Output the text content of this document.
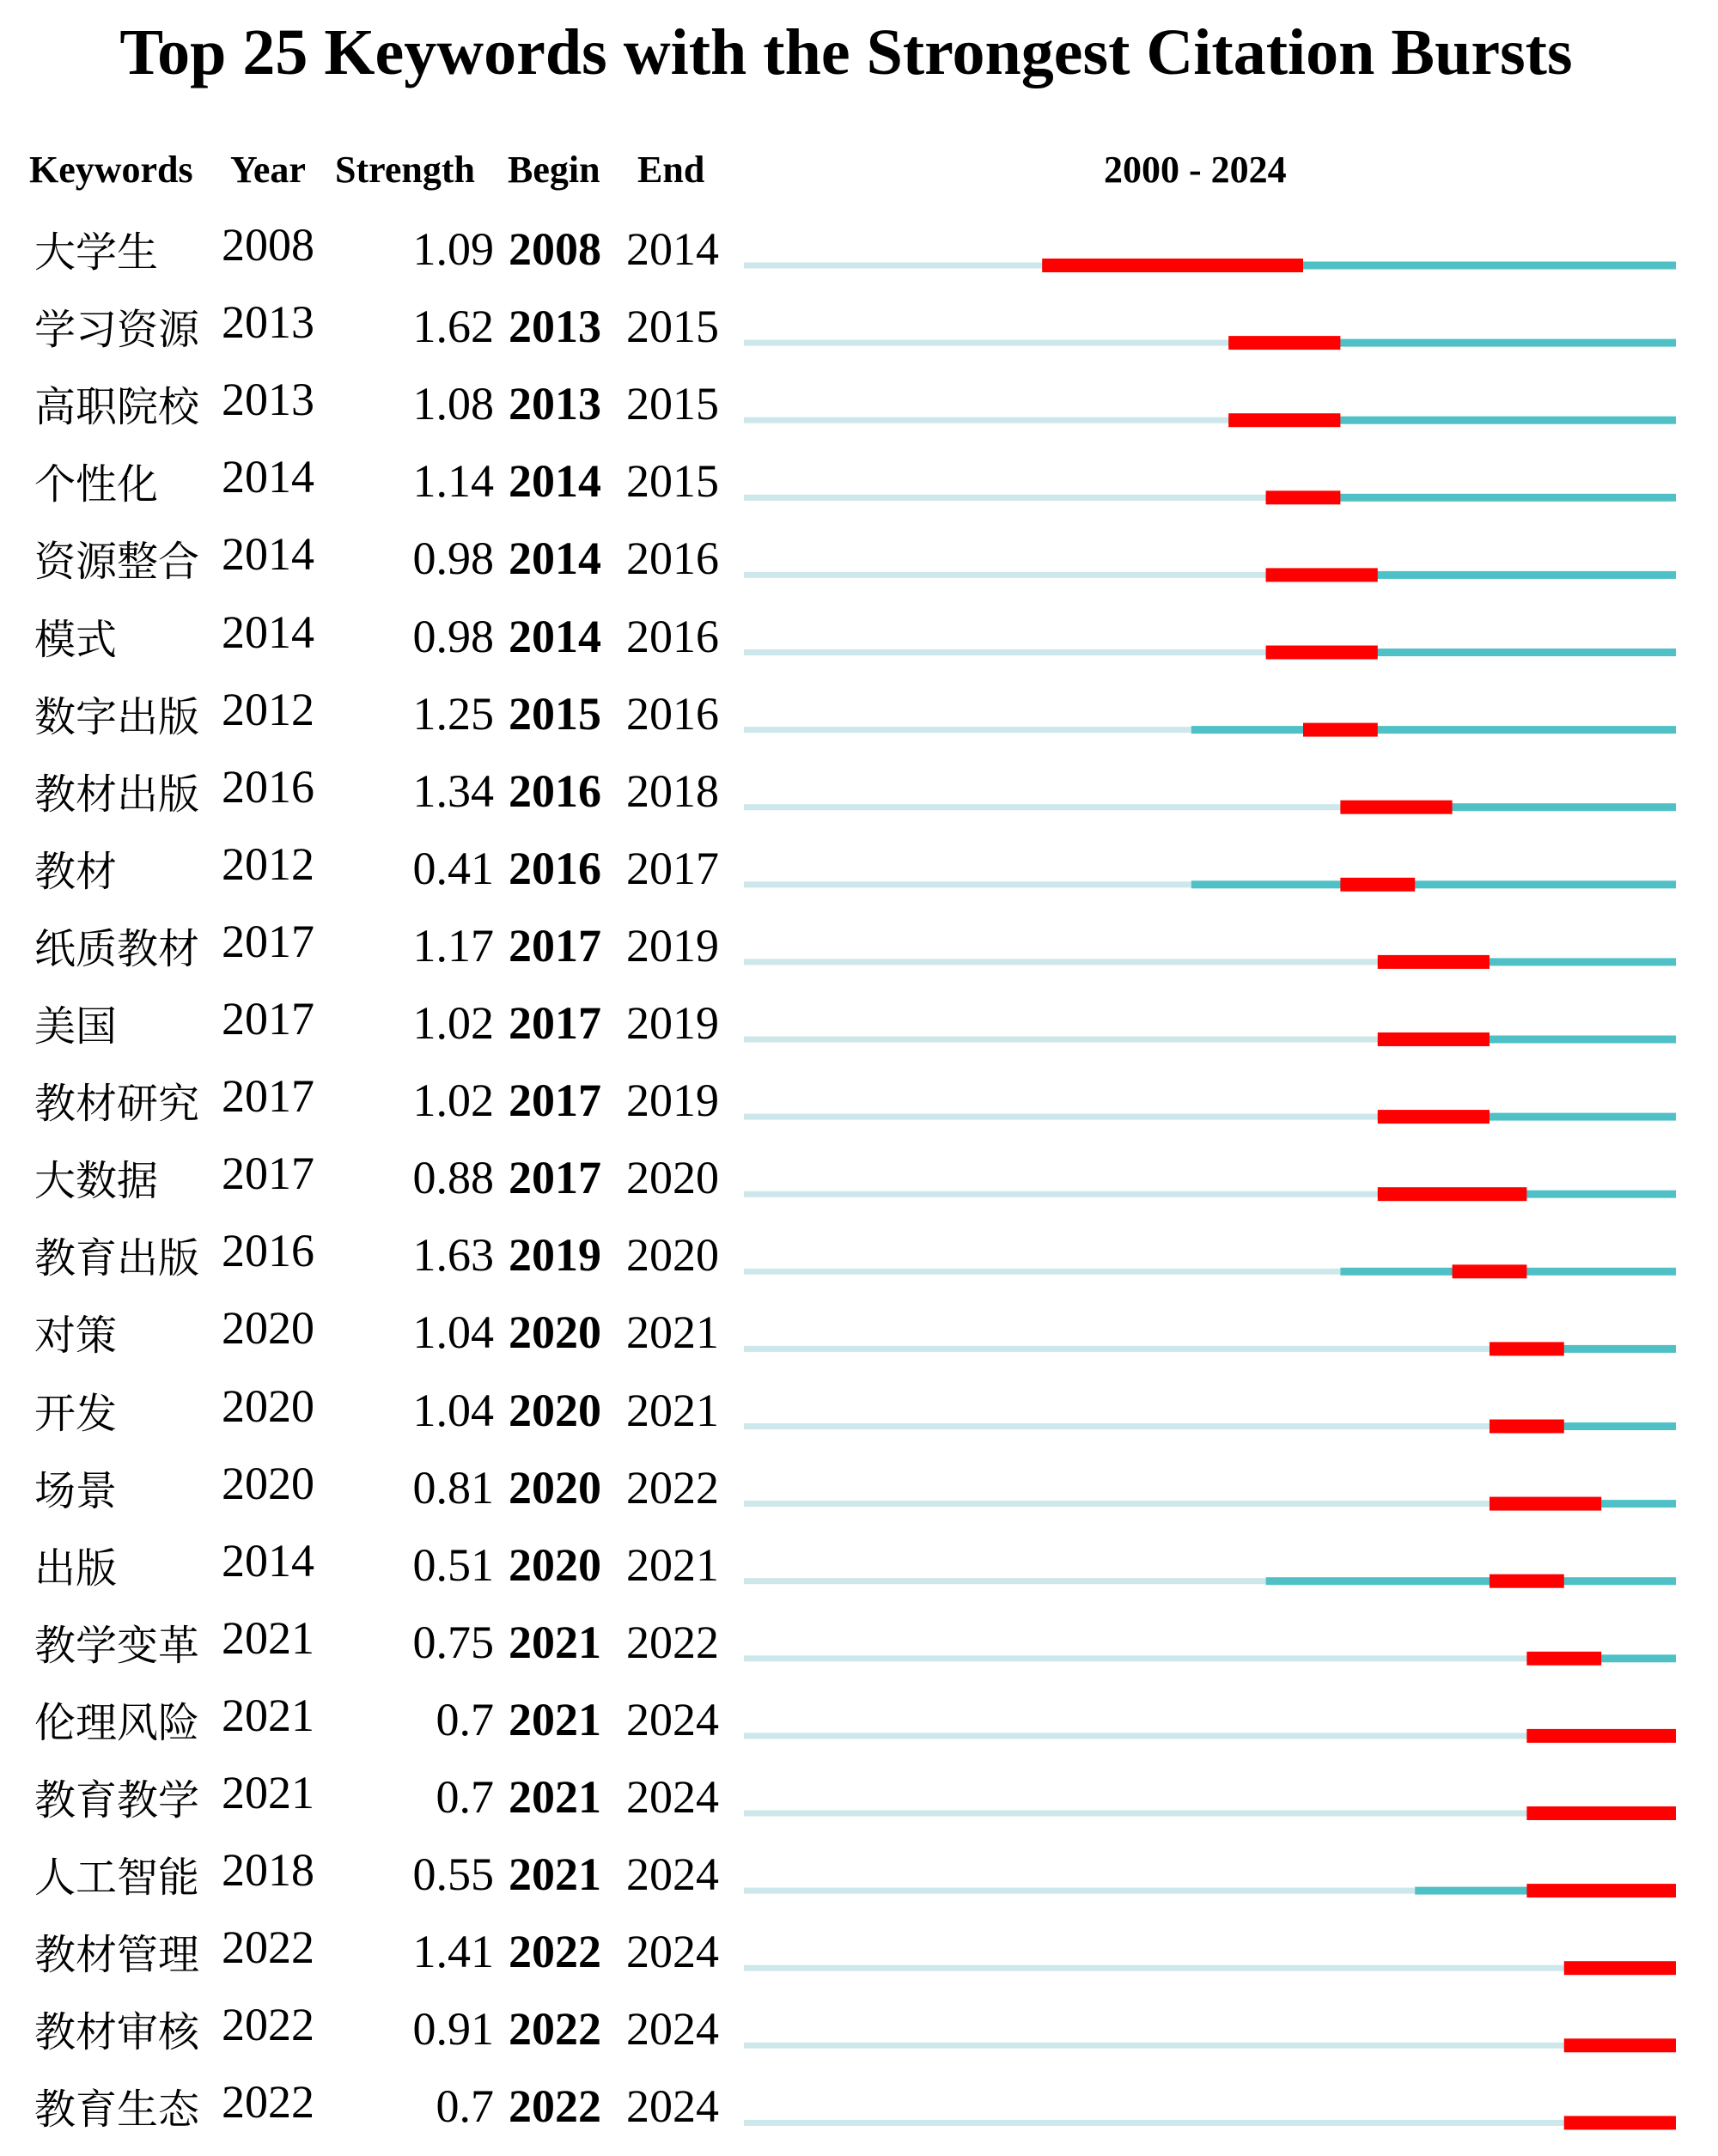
Top 25 Keywords with the Strongest Citation Bursts
Keywords Year Strength Begin End	2000 - 2024
大学生 2008	1.09 2008 2014
学习资源 2013	1.62 2013 2015
高职院校 2013	1.08 2013 2015
个性化 2014	1.14 2014 2015
资源整合 2014	0.98 2014 2016
模式 2014	0.98 2014 2016
数字出版 2012	1.25 2015 2016
教材出版 2016	1.34 2016 2018
教材 2012	0.41 2016 2017
纸质教材 2017	1.17 2017 2019
美国 2017	1.02 2017 2019
教材研究 2017	1.02 2017 2019
大数据 2017	0.88 2017 2020
教育出版 2016	1.63 2019 2020
对策 2020	1.04 2020 2021
开发 2020	1.04 2020 2021
场景 2020	0.81 2020 2022
出版 2014	0.51 2020 2021
教学变革 2021	0.75 2021 2022
伦理风险 2021	0.7 2021 2024
教育教学 2021	0.7 2021 2024
人工智能 2018	0.55 2021 2024
教材管理 2022	1.41 2022 2024
教材审核 2022	0.91 2022 2024
教育生态 2022	0.7 2022 2024
